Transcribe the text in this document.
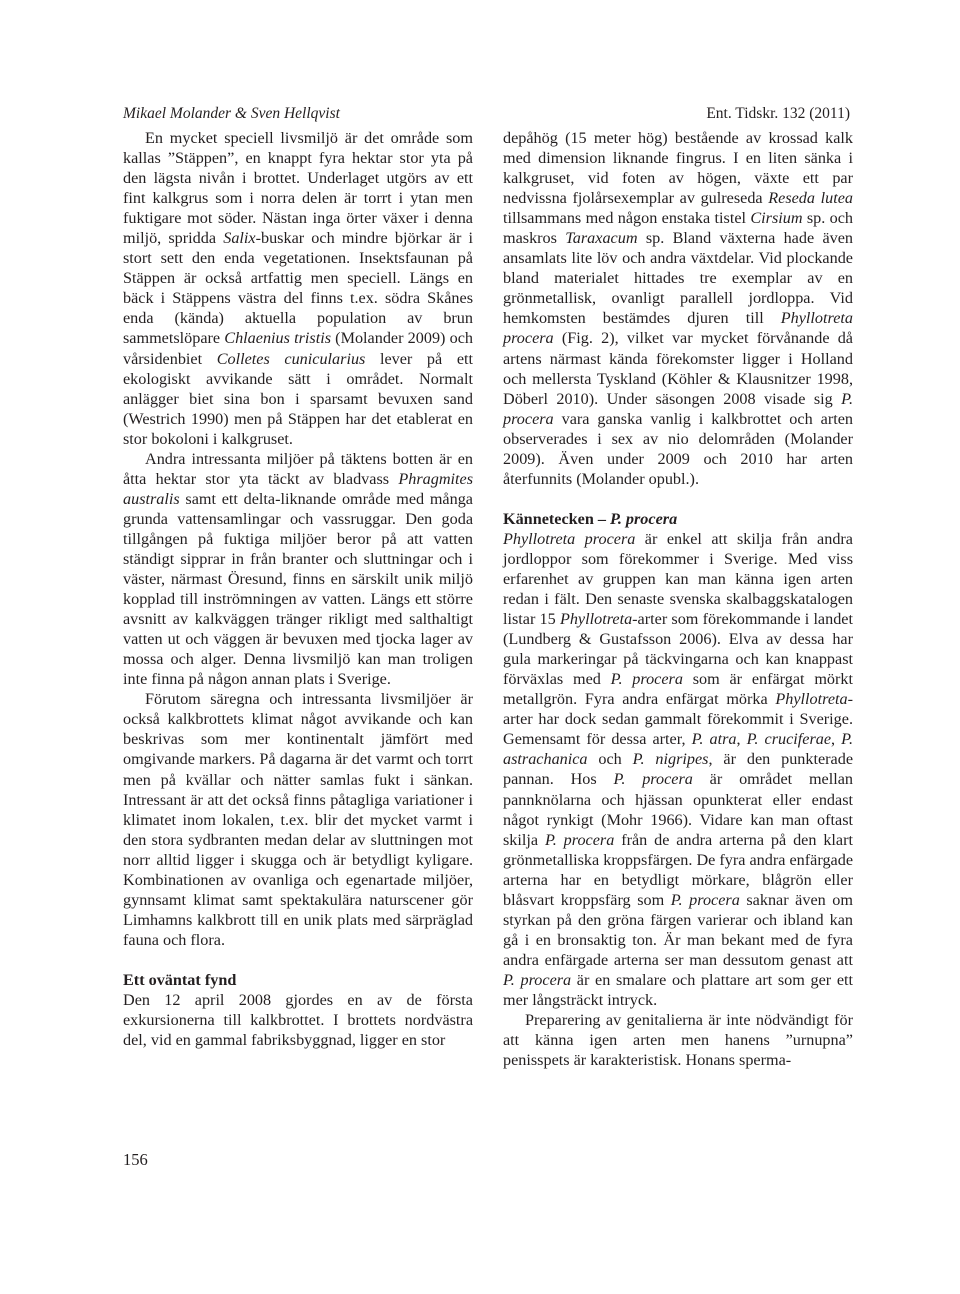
Mikael Molander & Sven Hellqvist	Ent. Tidskr. 132 (2011)

En mycket speciell livsmiljö är det område som kallas ”Stäppen”, en knappt fyra hektar stor yta på den lägsta nivån i brottet. Underlaget utgörs av ett fint kalkgrus som i norra delen är torrt i ytan men fuktigare mot söder. Nästan inga örter växer i denna miljö, spridda Salix-buskar och mindre björkar är i stort sett den enda vegetationen. Insektsfaunan på Stäppen är också artfattig men speciell. Längs en bäck i Stäppens västra del finns t.ex. södra Skånes enda (kända) aktuella population av brun sammetslöpare Chlaenius tristis (Molander 2009) och vårsidenbiet Colletes cunicularius lever på ett ekologiskt avvikande sätt i området. Normalt anlägger biet sina bon i sparsamt bevuxen sand (Westrich 1990) men på Stäppen har det etablerat en stor bokoloni i kalkgruset.

Andra intressanta miljöer på täktens botten är en åtta hektar stor yta täckt av bladvass Phragmites australis samt ett delta-liknande område med många grunda vattensamlingar och vassruggar. Den goda tillgången på fuktiga miljöer beror på att vatten ständigt sipprar in från branter och sluttningar och i väster, närmast Öresund, finns en särskilt unik miljö kopplad till inströmningen av vatten. Längs ett större avsnitt av kalkväggen tränger rikligt med salthaltigt vatten ut och väggen är bevuxen med tjocka lager av mossa och alger. Denna livsmiljö kan man troligen inte finna på någon annan plats i Sverige.

Förutom säregna och intressanta livsmiljöer är också kalkbrottets klimat något avvikande och kan beskrivas som mer kontinentalt jämfört med omgivande markers. På dagarna är det varmt och torrt men på kvällar och nätter samlas fukt i sänkan. Intressant är att det också finns påtagliga variationer i klimatet inom lokalen, t.ex. blir det mycket varmt i den stora sydbranten medan delar av sluttningen mot norr alltid ligger i skugga och är betydligt kyligare. Kombinationen av ovanliga och egenartade miljöer, gynnsamt klimat samt spektakulära naturscener gör Limhamns kalkbrott till en unik plats med särpräglad fauna och flora.

Ett oväntat fynd

Den 12 april 2008 gjordes en av de första exkursionerna till kalkbrottet. I brottets nordvästra del, vid en gammal fabriksbyggnad, ligger en stor

depåhög (15 meter hög) bestående av krossad kalk med dimension liknande fingrus. I en liten sänka i kalkgruset, vid foten av högen, växte ett par nedvissna fjolårsexemplar av gulreseda Reseda lutea tillsammans med någon enstaka tistel Cirsium sp. och maskros Taraxacum sp. Bland växterna hade även ansamlats lite löv och andra växtdelar. Vid plockande bland materialet hittades tre exemplar av en grönmetallisk, ovanligt parallell jordloppa. Vid hemkomsten bestämdes djuren till Phyllotreta procera (Fig. 2), vilket var mycket förvånande då artens närmast kända förekomster ligger i Holland och mellersta Tyskland (Köhler & Klausnitzer 1998, Döberl 2010). Under säsongen 2008 visade sig P. procera vara ganska vanlig i kalkbrottet och arten observerades i sex av nio delområden (Molander 2009). Även under 2009 och 2010 har arten återfunnits (Molander opubl.).

Kännetecken – P. procera

Phyllotreta procera är enkel att skilja från andra jordloppor som förekommer i Sverige. Med viss erfarenhet av gruppen kan man känna igen arten redan i fält. Den senaste svenska skalbaggskatalogen listar 15 Phyllotreta-arter som förekommande i landet (Lundberg & Gustafsson 2006). Elva av dessa har gula markeringar på täckvingarna och kan knappast förväxlas med P. procera som är enfärgat mörkt metallgrön. Fyra andra enfärgat mörka Phyllotreta-arter har dock sedan gammalt förekommit i Sverige. Gemensamt för dessa arter, P. atra, P. cruciferae, P. astrachanica och P. nigripes, är den punkterade pannan. Hos P. procera är området mellan pannknölarna och hjässan opunkterat eller endast något rynkigt (Mohr 1966). Vidare kan man oftast skilja P. procera från de andra arterna på den klart grönmetalliska kroppsfärgen. De fyra andra enfärgade arterna har en betydligt mörkare, blågrön eller blåsvart kroppsfärg som P. procera saknar även om styrkan på den gröna färgen varierar och ibland kan gå i en bronsaktig ton. Är man bekant med de fyra andra enfärgade arterna ser man dessutom genast att P. procera är en smalare och plattare art som ger ett mer långsträckt intryck.

Preparering av genitalierna är inte nödvändigt för att känna igen arten men hanens ”urnupna” penisspets är karakteristisk. Honans sperma-

156
